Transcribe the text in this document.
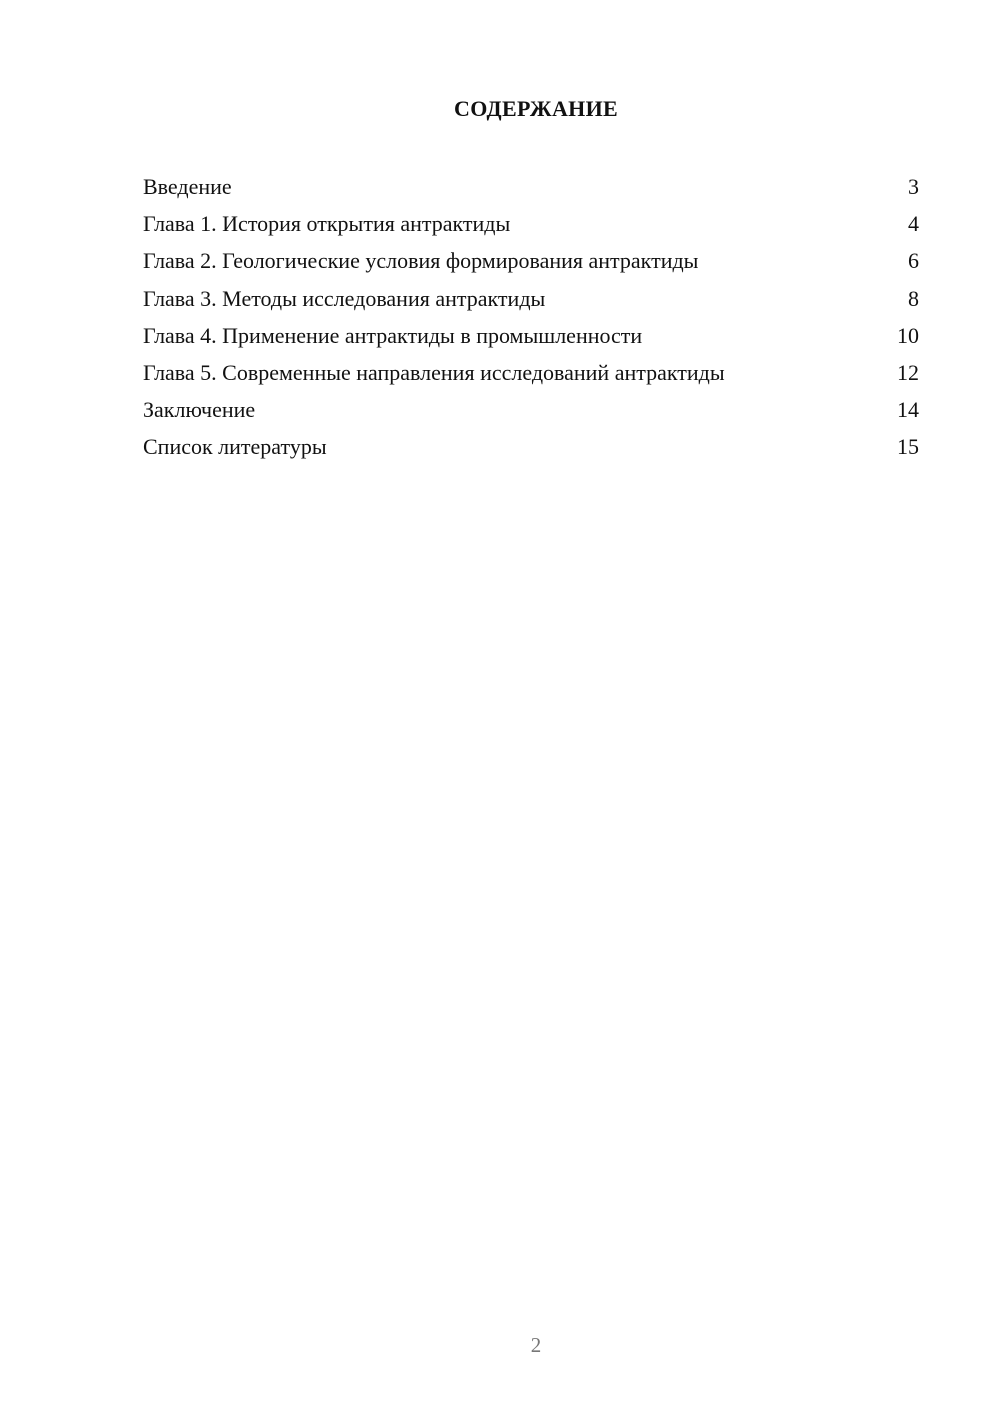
СОДЕРЖАНИЕ
Введение	3
Глава 1. История открытия антрактиды	4
Глава 2. Геологические условия формирования антрактиды	6
Глава 3. Методы исследования антрактиды	8
Глава 4. Применение антрактиды в промышленности	10
Глава 5. Современные направления исследований антрактиды	12
Заключение	14
Список литературы	15
2
